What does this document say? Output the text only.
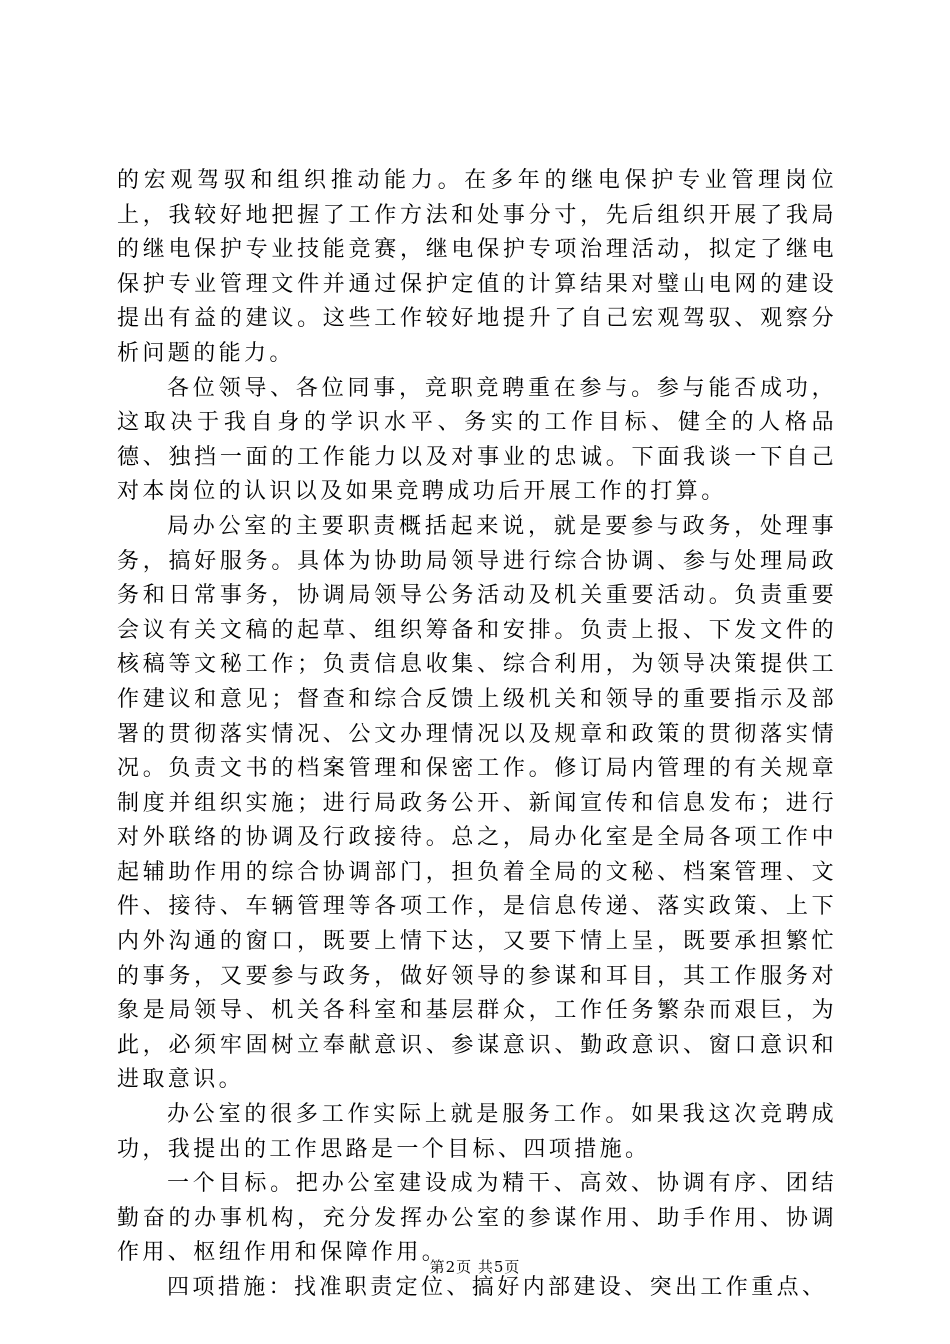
的宏观驾驭和组织推动能力。在多年的继电保护专业管理岗位上，我较好地把握了工作方法和处事分寸，先后组织开展了我局的继电保护专业技能竞赛，继电保护专项治理活动，拟定了继电保护专业管理文件并通过保护定值的计算结果对璧山电网的建设提出有益的建议。这些工作较好地提升了自己宏观驾驭、观察分析问题的能力。

各位领导、各位同事，竞职竞聘重在参与。参与能否成功，这取决于我自身的学识水平、务实的工作目标、健全的人格品德、独挡一面的工作能力以及对事业的忠诚。下面我谈一下自己对本岗位的认识以及如果竞聘成功后开展工作的打算。

局办公室的主要职责概括起来说，就是要参与政务，处理事务，搞好服务。具体为协助局领导进行综合协调、参与处理局政务和日常事务，协调局领导公务活动及机关重要活动。负责重要会议有关文稿的起草、组织筹备和安排。负责上报、下发文件的核稿等文秘工作；负责信息收集、综合利用，为领导决策提供工作建议和意见；督查和综合反馈上级机关和领导的重要指示及部署的贯彻落实情况、公文办理情况以及规章和政策的贯彻落实情况。负责文书的档案管理和保密工作。修订局内管理的有关规章制度并组织实施；进行局政务公开、新闻宣传和信息发布；进行对外联络的协调及行政接待。总之，局办化室是全局各项工作中起辅助作用的综合协调部门，担负着全局的文秘、档案管理、文件、接待、车辆管理等各项工作，是信息传递、落实政策、上下内外沟通的窗口，既要上情下达，又要下情上呈，既要承担繁忙的事务，又要参与政务，做好领导的参谋和耳目，其工作服务对象是局领导、机关各科室和基层群众，工作任务繁杂而艰巨，为此，必须牢固树立奉献意识、参谋意识、勤政意识、窗口意识和进取意识。

办公室的很多工作实际上就是服务工作。如果我这次竞聘成功，我提出的工作思路是一个目标、四项措施。

一个目标。把办公室建设成为精干、高效、协调有序、团结勤奋的办事机构，充分发挥办公室的参谋作用、助手作用、协调作用、枢纽作用和保障作用。

四项措施：找准职责定位、搞好内部建设、突出工作重点、

第2页 共5页
